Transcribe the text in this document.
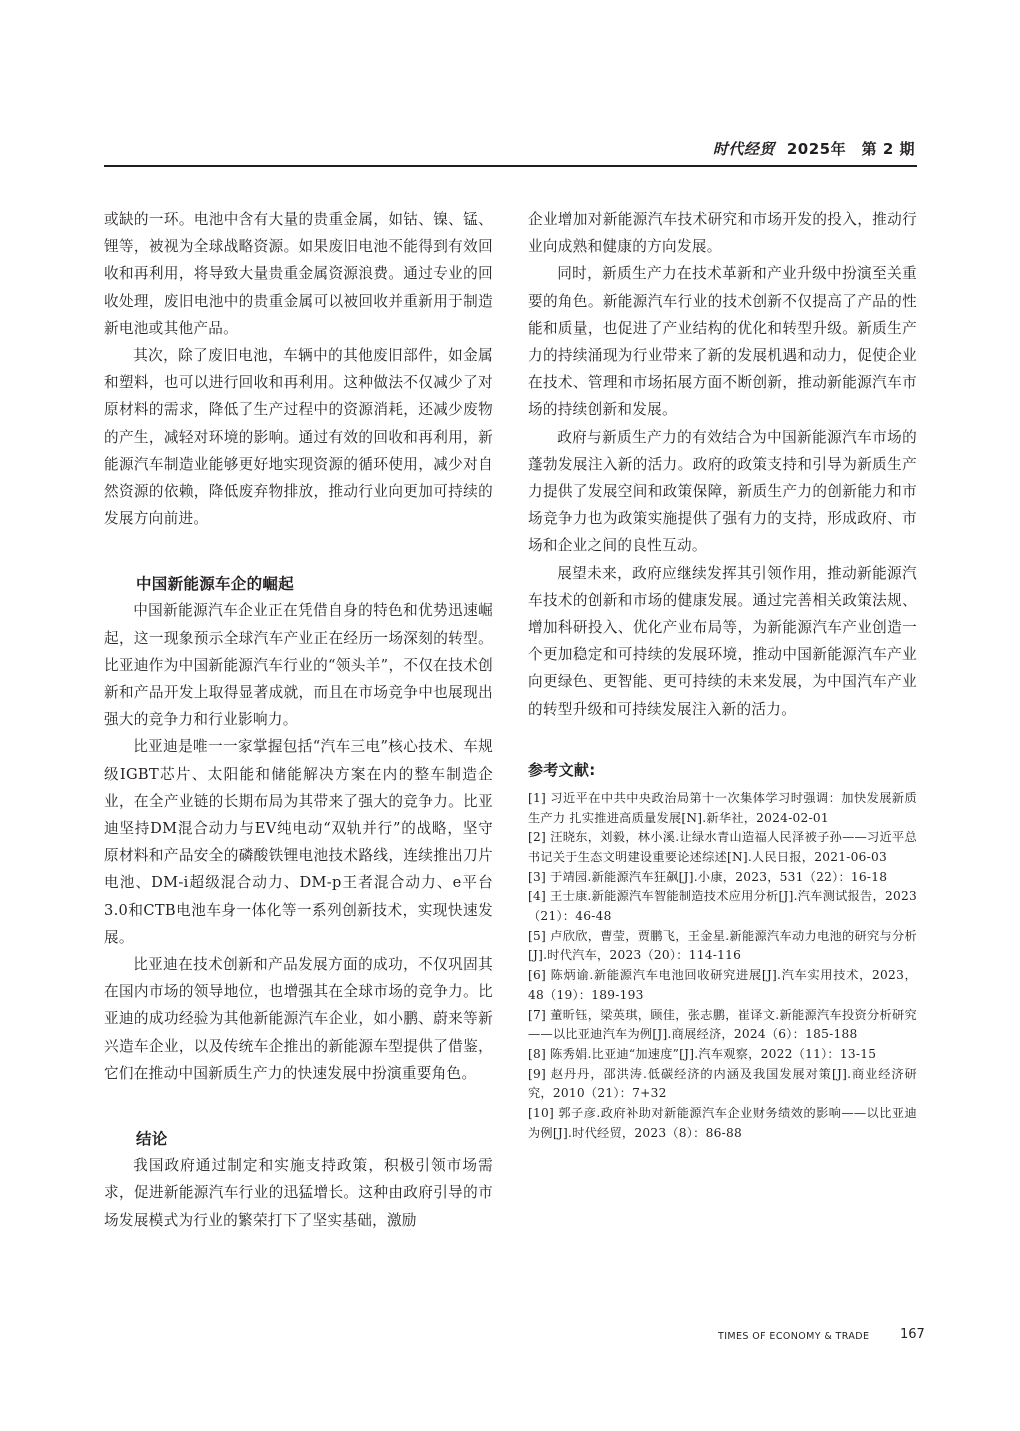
时代经贸 2025年　第 2 期

或缺的一环。电池中含有大量的贵重金属，如钴、镍、锰、锂等，被视为全球战略资源。如果废旧电池不能得到有效回收和再利用，将导致大量贵重金属资源浪费。通过专业的回收处理，废旧电池中的贵重金属可以被回收并重新用于制造新电池或其他产品。

其次，除了废旧电池，车辆中的其他废旧部件，如金属和塑料，也可以进行回收和再利用。这种做法不仅减少了对原材料的需求，降低了生产过程中的资源消耗，还减少废物的产生，减轻对环境的影响。通过有效的回收和再利用，新能源汽车制造业能够更好地实现资源的循环使用，减少对自然资源的依赖，降低废弃物排放，推动行业向更加可持续的发展方向前进。

中国新能源车企的崛起

中国新能源汽车企业正在凭借自身的特色和优势迅速崛起，这一现象预示全球汽车产业正在经历一场深刻的转型。比亚迪作为中国新能源汽车行业的“领头羊”，不仅在技术创新和产品开发上取得显著成就，而且在市场竞争中也展现出强大的竞争力和行业影响力。

比亚迪是唯一一家掌握包括“汽车三电”核心技术、车规级IGBT芯片、太阳能和储能解决方案在内的整车制造企业，在全产业链的长期布局为其带来了强大的竞争力。比亚迪坚持DM混合动力与EV纯电动“双轨并行”的战略，坚守原材料和产品安全的磷酸铁锂电池技术路线，连续推出刀片电池、DM-i超级混合动力、DM-p王者混合动力、e平台3.0和CTB电池车身一体化等一系列创新技术，实现快速发展。

比亚迪在技术创新和产品发展方面的成功，不仅巩固其在国内市场的领导地位，也增强其在全球市场的竞争力。比亚迪的成功经验为其他新能源汽车企业，如小鹏、蔚来等新兴造车企业，以及传统车企推出的新能源车型提供了借鉴，它们在推动中国新质生产力的快速发展中扮演重要角色。

结论

我国政府通过制定和实施支持政策，积极引领市场需求，促进新能源汽车行业的迅猛增长。这种由政府引导的市场发展模式为行业的繁荣打下了坚实基础，激励

企业增加对新能源汽车技术研究和市场开发的投入，推动行业向成熟和健康的方向发展。

同时，新质生产力在技术革新和产业升级中扮演至关重要的角色。新能源汽车行业的技术创新不仅提高了产品的性能和质量，也促进了产业结构的优化和转型升级。新质生产力的持续涌现为行业带来了新的发展机遇和动力，促使企业在技术、管理和市场拓展方面不断创新，推动新能源汽车市场的持续创新和发展。

政府与新质生产力的有效结合为中国新能源汽车市场的蓬勃发展注入新的活力。政府的政策支持和引导为新质生产力提供了发展空间和政策保障，新质生产力的创新能力和市场竞争力也为政策实施提供了强有力的支持，形成政府、市场和企业之间的良性互动。

展望未来，政府应继续发挥其引领作用，推动新能源汽车技术的创新和市场的健康发展。通过完善相关政策法规、增加科研投入、优化产业布局等，为新能源汽车产业创造一个更加稳定和可持续的发展环境，推动中国新能源汽车产业向更绿色、更智能、更可持续的未来发展，为中国汽车产业的转型升级和可持续发展注入新的活力。

参考文献:
[1] 习近平在中共中央政治局第十一次集体学习时强调：加快发展新质生产力 扎实推进高质量发展[N].新华社，2024-02-01
[2] 汪晓东，刘毅，林小溪.让绿水青山造福人民泽被子孙——习近平总书记关于生态文明建设重要论述综述[N].人民日报，2021-06-03
[3] 于靖园.新能源汽车狂飙[J].小康，2023，531（22）：16-18
[4] 王士康.新能源汽车智能制造技术应用分析[J].汽车测试报告，2023（21）：46-48
[5] 卢欣欣，曹莹，贾鹏飞，王金星.新能源汽车动力电池的研究与分析[J].时代汽车，2023（20）：114-116
[6] 陈炳谕.新能源汽车电池回收研究进展[J].汽车实用技术，2023，48（19）：189-193
[7] 董昕钰，梁英琪，顾佳，张志鹏，崔译文.新能源汽车投资分析研究——以比亚迪汽车为例[J].商展经济，2024（6）：185-188
[8] 陈秀娟.比亚迪“加速度”[J].汽车观察，2022（11）：13-15
[9] 赵丹丹，邵洪涛.低碳经济的内涵及我国发展对策[J].商业经济研究，2010（21）：7+32
[10] 郭子彦.政府补助对新能源汽车企业财务绩效的影响——以比亚迪为例[J].时代经贸，2023（8）：86-88
TIMES OF ECONOMY & TRADE 167
